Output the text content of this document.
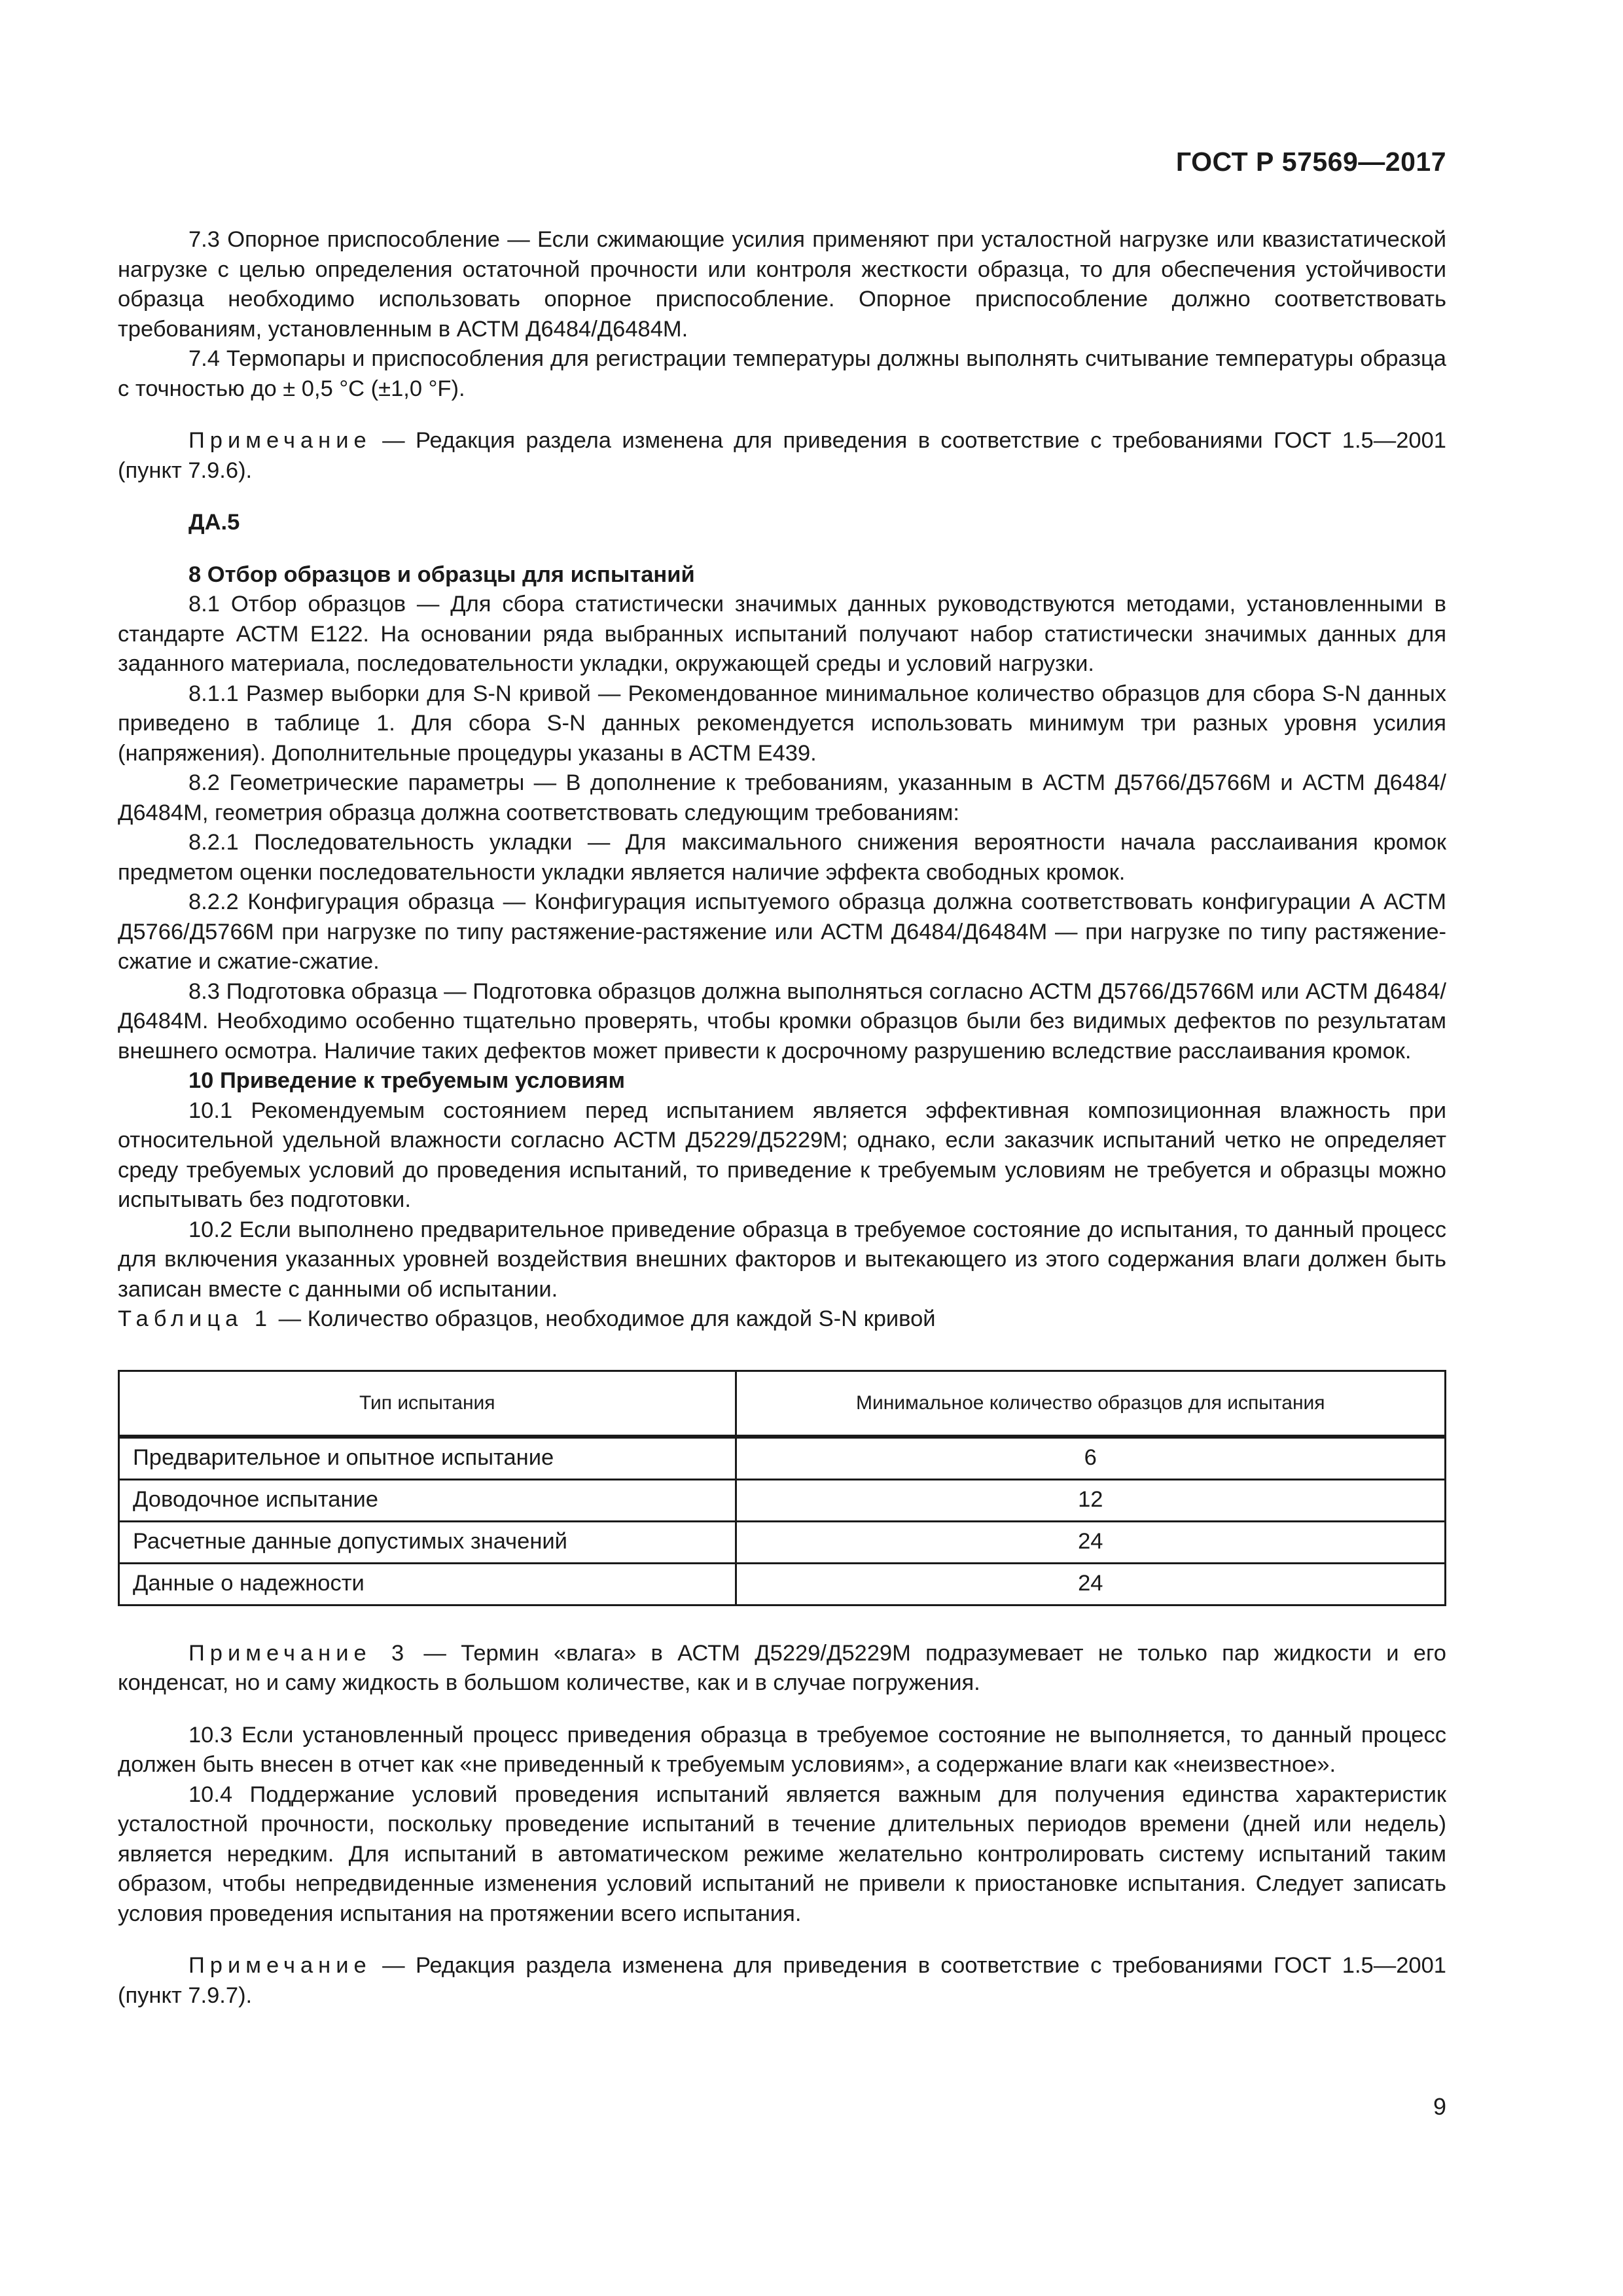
ГОСТ Р 57569—2017

7.3 Опорное приспособление — Если сжимающие усилия применяют при усталостной нагрузке или квазистатической нагрузке с целью определения остаточной прочности или контроля жесткости образца, то для обеспечения устойчивости образца необходимо использовать опорное приспособление. Опорное приспособление должно соответствовать требованиям, установленным в АСТМ Д6484/Д6484М.

7.4 Термопары и приспособления для регистрации температуры должны выполнять считывание температуры образца с точностью до ± 0,5 °C (±1,0 °F).

Примечание — Редакция раздела изменена для приведения в соответствие с требованиями ГОСТ 1.5—2001 (пункт 7.9.6).

ДА.5

8 Отбор образцов и образцы для испытаний

8.1 Отбор образцов — Для сбора статистически значимых данных руководствуются методами, установленными в стандарте АСТМ Е122. На основании ряда выбранных испытаний получают набор статистически значимых данных для заданного материала, последовательности укладки, окружающей среды и условий нагрузки.

8.1.1 Размер выборки для S-N кривой — Рекомендованное минимальное количество образцов для сбора S-N данных приведено в таблице 1. Для сбора S-N данных рекомендуется использовать минимум три разных уровня усилия (напряжения). Дополнительные процедуры указаны в АСТМ Е439.

8.2 Геометрические параметры — В дополнение к требованиям, указанным в АСТМ Д5766/Д5766М и АСТМ Д6484/Д6484М, геометрия образца должна соответствовать следующим требованиям:

8.2.1 Последовательность укладки — Для максимального снижения вероятности начала расслаивания кромок предметом оценки последовательности укладки является наличие эффекта свободных кромок.

8.2.2 Конфигурация образца — Конфигурация испытуемого образца должна соответствовать конфигурации А АСТМ Д5766/Д5766М при нагрузке по типу растяжение-растяжение или АСТМ Д6484/Д6484М — при нагрузке по типу растяжение-сжатие и сжатие-сжатие.

8.3 Подготовка образца — Подготовка образцов должна выполняться согласно АСТМ Д5766/Д5766М или АСТМ Д6484/Д6484М. Необходимо особенно тщательно проверять, чтобы кромки образцов были без видимых дефектов по результатам внешнего осмотра. Наличие таких дефектов может привести к досрочному разрушению вследствие расслаивания кромок.

10 Приведение к требуемым условиям

10.1 Рекомендуемым состоянием перед испытанием является эффективная композиционная влажность при относительной удельной влажности согласно АСТМ Д5229/Д5229М; однако, если заказчик испытаний четко не определяет среду требуемых условий до проведения испытаний, то приведение к требуемым условиям не требуется и образцы можно испытывать без подготовки.

10.2 Если выполнено предварительное приведение образца в требуемое состояние до испытания, то данный процесс для включения указанных уровней воздействия внешних факторов и вытекающего из этого содержания влаги должен быть записан вместе с данными об испытании.

Таблица 1 — Количество образцов, необходимое для каждой S-N кривой

Тип испытания	Минимальное количество образцов для испытания
Предварительное и опытное испытание	6
Доводочное испытание	12
Расчетные данные допустимых значений	24
Данные о надежности	24

Примечание 3 — Термин «влага» в АСТМ Д5229/Д5229М подразумевает не только пар жидкости и его конденсат, но и саму жидкость в большом количестве, как и в случае погружения.

10.3 Если установленный процесс приведения образца в требуемое состояние не выполняется, то данный процесс должен быть внесен в отчет как «не приведенный к требуемым условиям», а содержание влаги как «неизвестное».

10.4 Поддержание условий проведения испытаний является важным для получения единства характеристик усталостной прочности, поскольку проведение испытаний в течение длительных периодов времени (дней или недель) является нередким. Для испытаний в автоматическом режиме желательно контролировать систему испытаний таким образом, чтобы непредвиденные изменения условий испытаний не привели к приостановке испытания. Следует записать условия проведения испытания на протяжении всего испытания.

Примечание — Редакция раздела изменена для приведения в соответствие с требованиями ГОСТ 1.5—2001 (пункт 7.9.7).

9
